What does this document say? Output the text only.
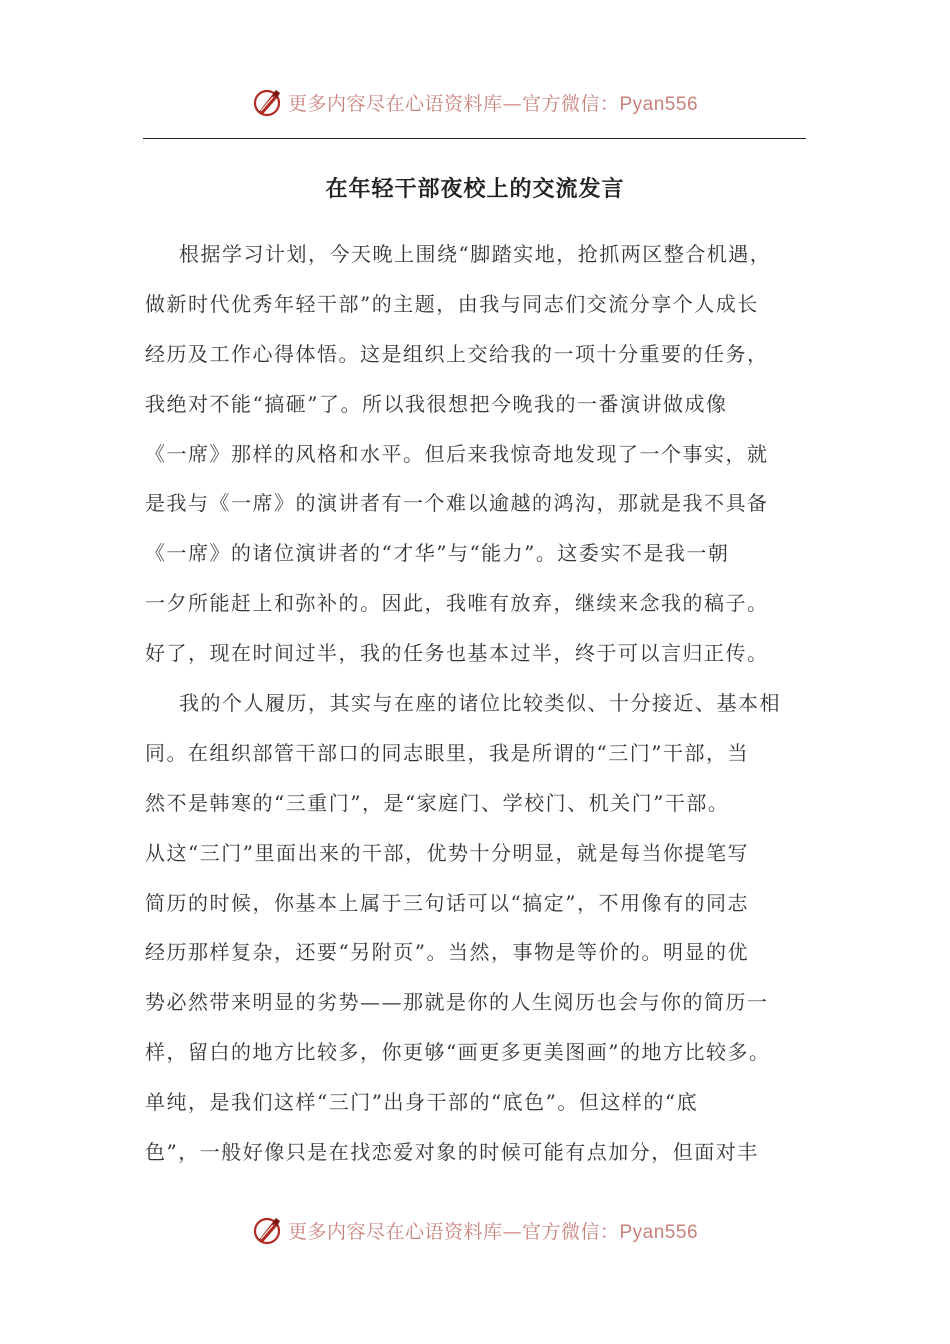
更多内容尽在心语资料库—官方微信：Pyan556
在年轻干部夜校上的交流发言
根据学习计划，今天晚上围绕“脚踏实地，抢抓两区整合机遇，
做新时代优秀年轻干部”的主题，由我与同志们交流分享个人成长
经历及工作心得体悟。这是组织上交给我的一项十分重要的任务，
我绝对不能“搞砸”了。所以我很想把今晚我的一番演讲做成像
《一席》那样的风格和水平。但后来我惊奇地发现了一个事实，就
是我与《一席》的演讲者有一个难以逾越的鸿沟，那就是我不具备
《一席》的诸位演讲者的“才华”与“能力”。这委实不是我一朝
一夕所能赶上和弥补的。因此，我唯有放弃，继续来念我的稿子。
好了，现在时间过半，我的任务也基本过半，终于可以言归正传。
我的个人履历，其实与在座的诸位比较类似、十分接近、基本相
同。在组织部管干部口的同志眼里，我是所谓的“三门”干部，当
然不是韩寒的“三重门”，是“家庭门、学校门、机关门”干部。
从这“三门”里面出来的干部，优势十分明显，就是每当你提笔写
简历的时候，你基本上属于三句话可以“搞定”，不用像有的同志
经历那样复杂，还要“另附页”。当然，事物是等价的。明显的优
势必然带来明显的劣势——那就是你的人生阅历也会与你的简历一
样，留白的地方比较多，你更够“画更多更美图画”的地方比较多。
单纯，是我们这样“三门”出身干部的“底色”。但这样的“底
色”，一般好像只是在找恋爱对象的时候可能有点加分，但面对丰
更多内容尽在心语资料库—官方微信：Pyan556
